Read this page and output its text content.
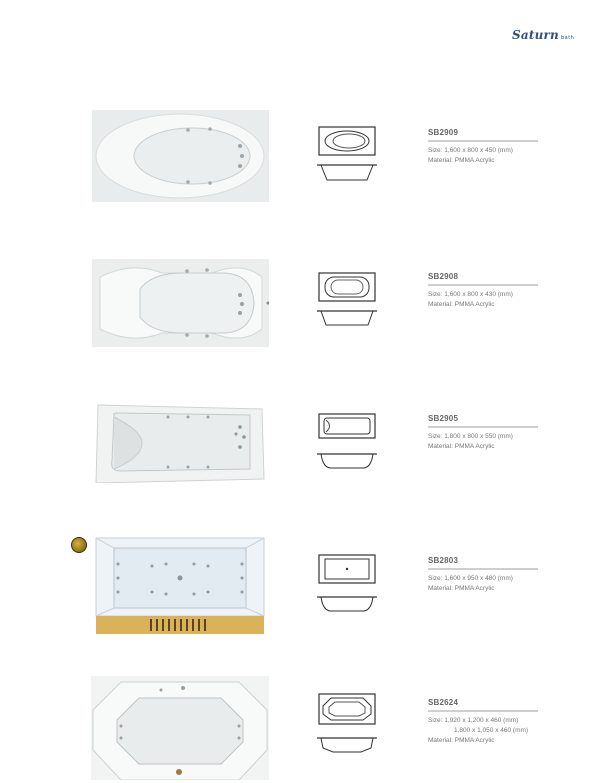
Saturn bath
SB2909
Size: 1,600 x 800 x 450 (mm)
Material: PMMA Acrylic
SB2908
Size: 1,600 x 800 x 430 (mm)
Material: PMMA Acrylic
SB2905
Size: 1,800 x 800 x 550 (mm)
Material: PMMA Acrylic
SB2803
Size: 1,600 x 950 x 480 (mm)
Material: PMMA Acrylic
SB2624
Size: 1,920 x 1,200 x 460 (mm)
1,800 x 1,050 x 460 (mm)
Material: PMMA Acrylic
